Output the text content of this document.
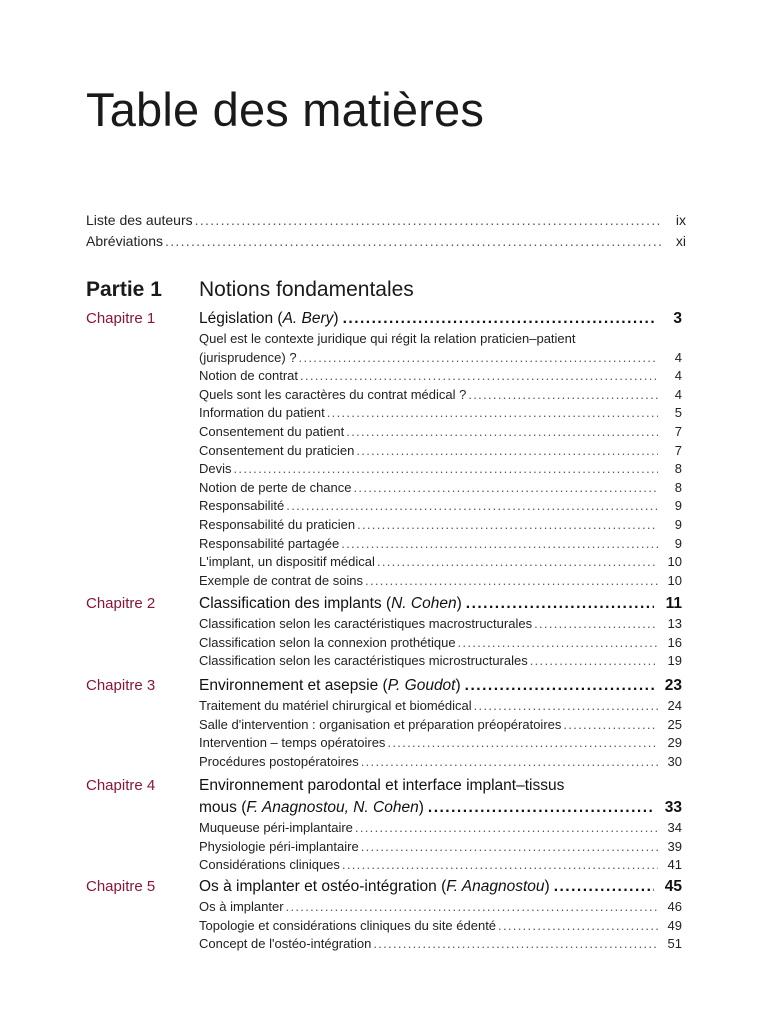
Table des matières
Liste des auteurs .....	ix
Abréviations .....	xi
Partie 1 Notions fondamentales
Chapitre 1	Législation (A. Bery) .....	3
Quel est le contexte juridique qui régit la relation praticien–patient
(jurisprudence) ? .....	4
Notion de contrat .....	4
Quels sont les caractères du contrat médical ? .....	4
Information du patient .....	5
Consentement du patient .....	7
Consentement du praticien .....	7
Devis .....	8
Notion de perte de chance .....	8
Responsabilité .....	9
Responsabilité du praticien .....	9
Responsabilité partagée .....	9
L'implant, un dispositif médical .....	10
Exemple de contrat de soins .....	10
Chapitre 2	Classification des implants (N. Cohen) .....	11
Classification selon les caractéristiques macrostructurales .....	13
Classification selon la connexion prothétique .....	16
Classification selon les caractéristiques microstructurales .....	19
Chapitre 3	Environnement et asepsie (P. Goudot) .....	23
Traitement du matériel chirurgical et biomédical .....	24
Salle d'intervention : organisation et préparation préopératoires .....	25
Intervention – temps opératoires .....	29
Procédures postopératoires .....	30
Chapitre 4	Environnement parodontal et interface implant–tissus
mous (F. Anagnostou, N. Cohen) .....	33
Muqueuse péri-implantaire .....	34
Physiologie péri-implantaire .....	39
Considérations cliniques .....	41
Chapitre 5	Os à implanter et ostéo-intégration (F. Anagnostou) .....	45
Os à implanter .....	46
Topologie et considérations cliniques du site édenté .....	49
Concept de l'ostéo-intégration .....	51
